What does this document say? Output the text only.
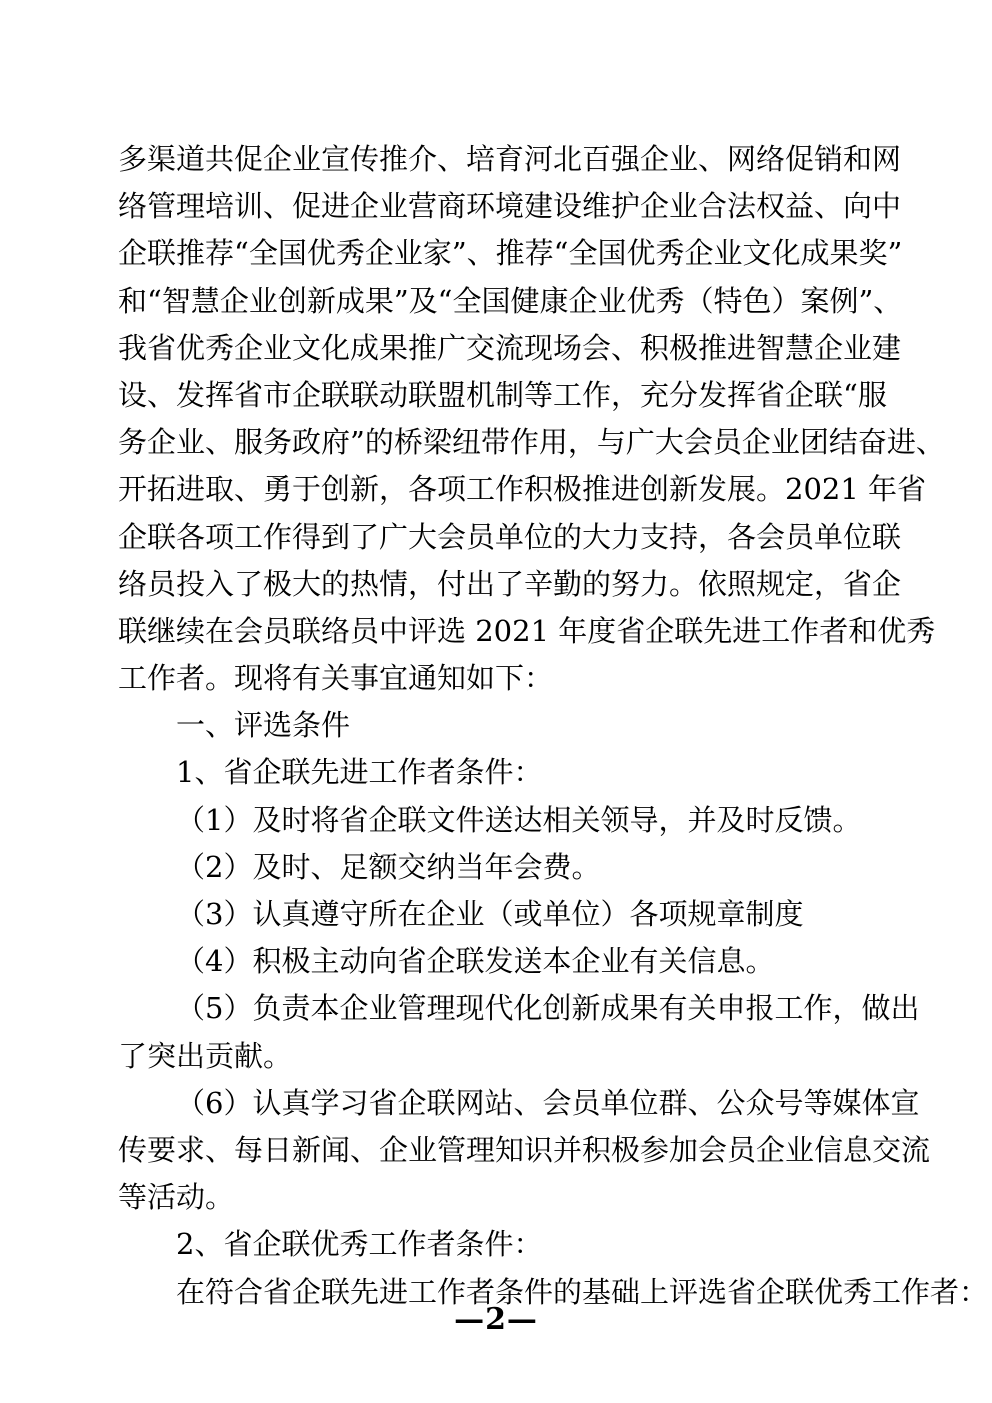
多渠道共促企业宣传推介、培育河北百强企业、网络促销和网
络管理培训、促进企业营商环境建设维护企业合法权益、向中
企联推荐“全国优秀企业家”、推荐“全国优秀企业文化成果奖”
和“智慧企业创新成果”及“全国健康企业优秀（特色）案例”、
我省优秀企业文化成果推广交流现场会、积极推进智慧企业建
设、发挥省市企联联动联盟机制等工作，充分发挥省企联“服
务企业、服务政府”的桥梁纽带作用，与广大会员企业团结奋进、
开拓进取、勇于创新，各项工作积极推进创新发展。2021 年省
企联各项工作得到了广大会员单位的大力支持，各会员单位联
络员投入了极大的热情，付出了辛勤的努力。依照规定，省企
联继续在会员联络员中评选 2021 年度省企联先进工作者和优秀
工作者。现将有关事宜通知如下：
一、评选条件
1、省企联先进工作者条件：
（1）及时将省企联文件送达相关领导，并及时反馈。
（2）及时、足额交纳当年会费。
（3）认真遵守所在企业（或单位）各项规章制度
（4）积极主动向省企联发送本企业有关信息。
（5）负责本企业管理现代化创新成果有关申报工作，做出
了突出贡献。
（6）认真学习省企联网站、会员单位群、公众号等媒体宣
传要求、每日新闻、企业管理知识并积极参加会员企业信息交流
等活动。
2、省企联优秀工作者条件：
在符合省企联先进工作者条件的基础上评选省企联优秀工作者：
—2—
